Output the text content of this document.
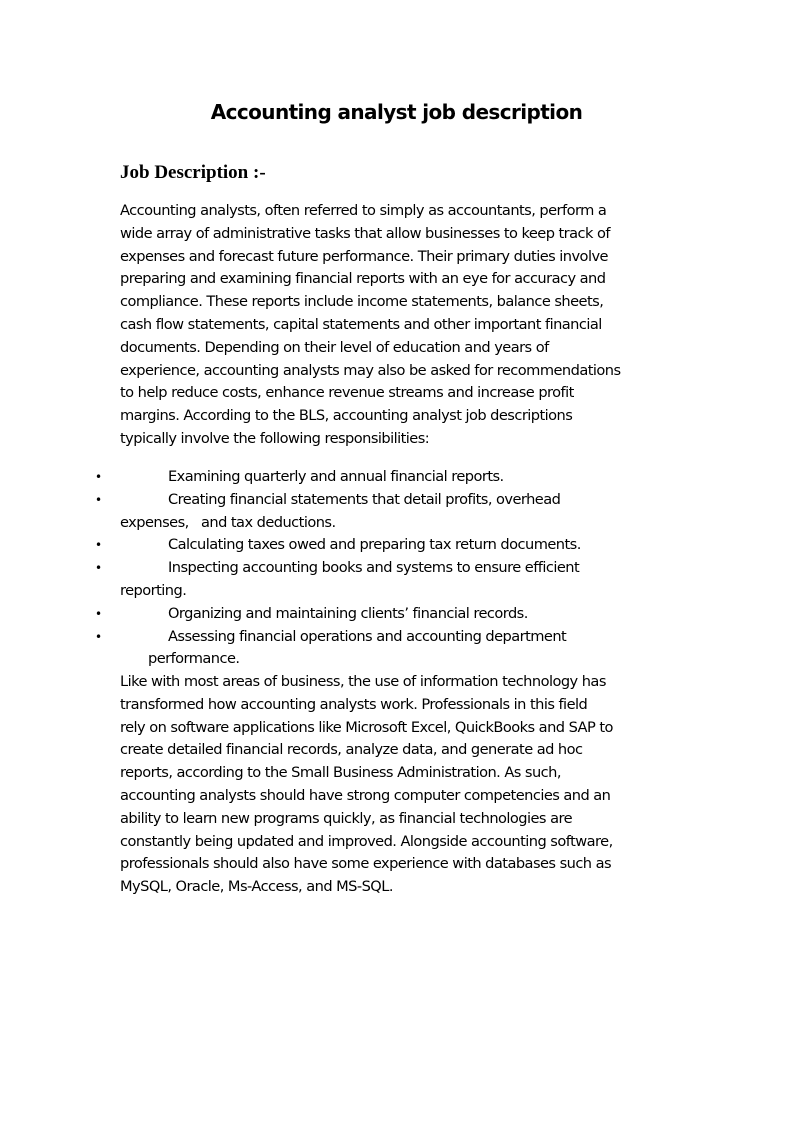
Accounting analyst job description
Job Description :-
Accounting analysts, often referred to simply as accountants, perform a
wide array of administrative tasks that allow businesses to keep track of
expenses and forecast future performance. Their primary duties involve
preparing and examining financial reports with an eye for accuracy and
compliance. These reports include income statements, balance sheets,
cash flow statements, capital statements and other important financial
documents. Depending on their level of education and years of
experience, accounting analysts may also be asked for recommendations
to help reduce costs, enhance revenue streams and increase profit
margins. According to the BLS, accounting analyst job descriptions
typically involve the following responsibilities:
•	Examining quarterly and annual financial reports.
•	Creating financial statements that detail profits, overhead
expenses,   and tax deductions.
•	Calculating taxes owed and preparing tax return documents.
•	Inspecting accounting books and systems to ensure efficient
reporting.
•	Organizing and maintaining clients’ financial records.
•	Assessing financial operations and accounting department
performance.
Like with most areas of business, the use of information technology has
transformed how accounting analysts work. Professionals in this field
rely on software applications like Microsoft Excel, QuickBooks and SAP to
create detailed financial records, analyze data, and generate ad hoc
reports, according to the Small Business Administration. As such,
accounting analysts should have strong computer competencies and an
ability to learn new programs quickly, as financial technologies are
constantly being updated and improved. Alongside accounting software,
professionals should also have some experience with databases such as
MySQL, Oracle, Ms-Access, and MS-SQL.
